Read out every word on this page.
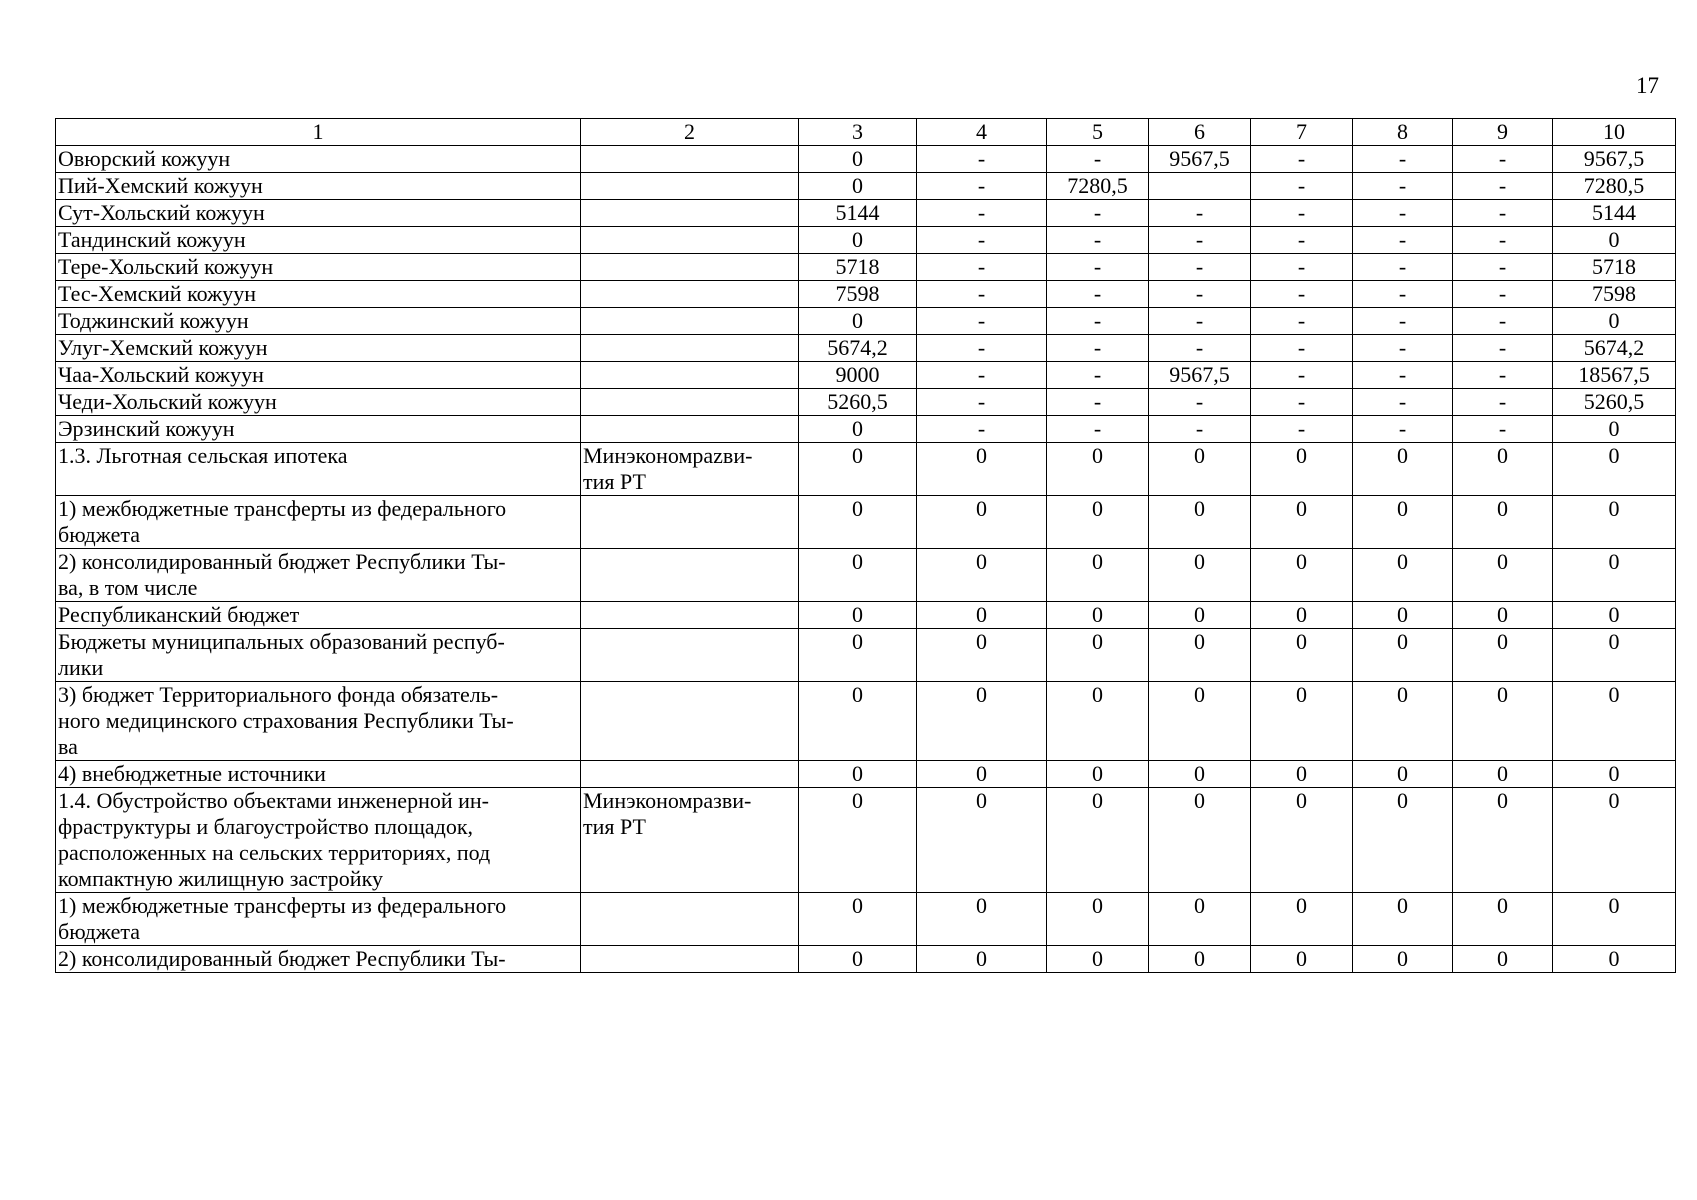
17
1	2	3	4	5	6	7	8	9	10
Овюрский кожуун		0	-	-	9567,5	-	-	-	9567,5
Пий-Хемский кожуун		0	-	7280,5		-	-	-	7280,5
Сут-Хольский кожуун		5144	-	-	-	-	-	-	5144
Тандинский кожуун		0	-	-	-	-	-	-	0
Тере-Хольский кожуун		5718	-	-	-	-	-	-	5718
Тес-Хемский кожуун		7598	-	-	-	-	-	-	7598
Тоджинский кожуун		0	-	-	-	-	-	-	0
Улуг-Хемский кожуун		5674,2	-	-	-	-	-	-	5674,2
Чаа-Хольский кожуун		9000	-	-	9567,5	-	-	-	18567,5
Чеди-Хольский кожуун		5260,5	-	-	-	-	-	-	5260,5
Эрзинский кожуун		0	-	-	-	-	-	-	0
1.3. Льготная сельская ипотека	Минэкономрazви-
тия РТ	0	0	0	0	0	0	0	0
1) межбюджетные трансферты из федерального
бюджета		0	0	0	0	0	0	0	0
2) консолидированный бюджет Республики Ты-
ва, в том числе		0	0	0	0	0	0	0	0
Республиканский бюджет		0	0	0	0	0	0	0	0
Бюджеты муниципальных образований респуб-
лики		0	0	0	0	0	0	0	0
3) бюджет Территориального фонда обязатель-
ного медицинского страхования Республики Ты-
ва		0	0	0	0	0	0	0	0
4) внебюджетные источники		0	0	0	0	0	0	0	0
1.4. Обустройство объектами инженерной ин-
фраструктуры и благоустройство площадок,
расположенных на сельских территориях, под
компактную жилищную застройку	Минэкономразви-
тия РТ	0	0	0	0	0	0	0	0
1) межбюджетные трансферты из федерального
бюджета		0	0	0	0	0	0	0	0
2) консолидированный бюджет Республики Ты-		0	0	0	0	0	0	0	0
